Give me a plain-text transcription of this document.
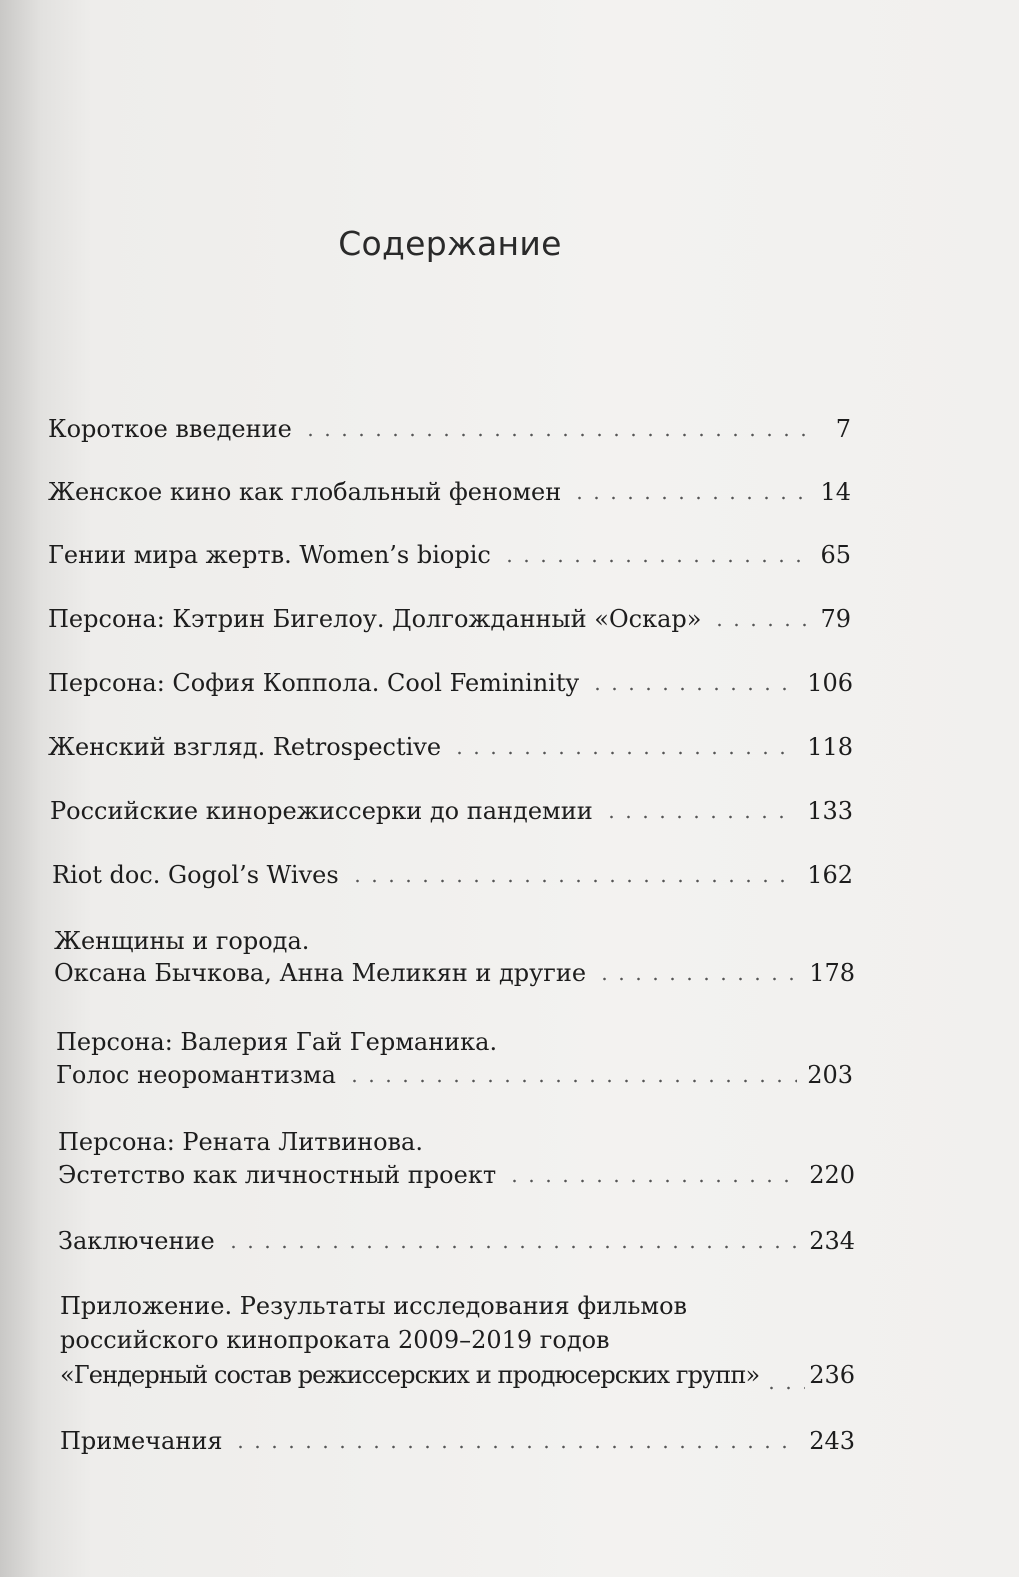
Содержание
Короткое введение	7
Женское кино как глобальный феномен	14
Гении мира жертв. Women’s biopic	65
Персона: Кэтрин Бигелоу. Долгожданный «Оскар»	79
Персона: София Коппола. Cool Femininity	106
Женский взгляд. Retrospective	118
Российские кинорежиссерки до пандемии	133
Riot doc. Gogol’s Wives	162
Женщины и города.
Оксана Бычкова, Анна Меликян и другие	178
Персона: Валерия Гай Германика.
Голос неоромантизма	203
Персона: Рената Литвинова.
Эстетство как личностный проект	220
Заключение	234
Приложение. Результаты исследования фильмов
российского кинопроката 2009–2019 годов
«Гендерный состав режиссерских и продюсерских групп» 236
Примечания	243
